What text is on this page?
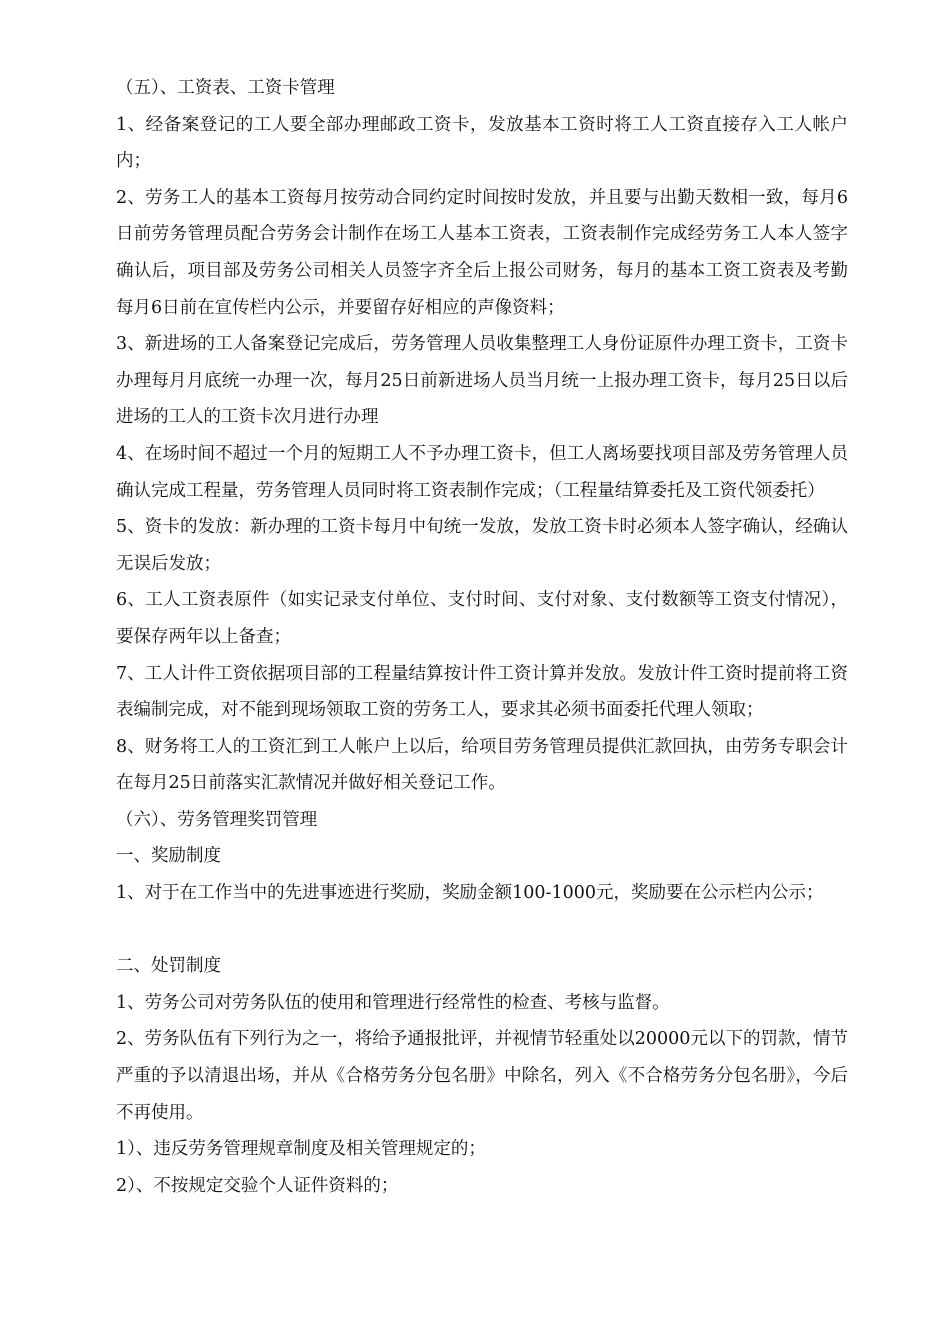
（五）、工资表、工资卡管理

1、经备案登记的工人要全部办理邮政工资卡，发放基本工资时将工人工资直接存入工人帐户内；

2、劳务工人的基本工资每月按劳动合同约定时间按时发放，并且要与出勤天数相一致，每月6日前劳务管理员配合劳务会计制作在场工人基本工资表，工资表制作完成经劳务工人本人签字确认后，项目部及劳务公司相关人员签字齐全后上报公司财务，每月的基本工资工资表及考勤每月6日前在宣传栏内公示，并要留存好相应的声像资料；

3、新进场的工人备案登记完成后，劳务管理人员收集整理工人身份证原件办理工资卡，工资卡办理每月月底统一办理一次，每月25日前新进场人员当月统一上报办理工资卡，每月25日以后进场的工人的工资卡次月进行办理

4、在场时间不超过一个月的短期工人不予办理工资卡，但工人离场要找项目部及劳务管理人员确认完成工程量，劳务管理人员同时将工资表制作完成；（工程量结算委托及工资代领委托）

5、资卡的发放：新办理的工资卡每月中旬统一发放，发放工资卡时必须本人签字确认，经确认无误后发放；

6、工人工资表原件（如实记录支付单位、支付时间、支付对象、支付数额等工资支付情况），要保存两年以上备查；

7、工人计件工资依据项目部的工程量结算按计件工资计算并发放。发放计件工资时提前将工资表编制完成，对不能到现场领取工资的劳务工人，要求其必须书面委托代理人领取；

8、财务将工人的工资汇到工人帐户上以后，给项目劳务管理员提供汇款回执，由劳务专职会计在每月25日前落实汇款情况并做好相关登记工作。

（六）、劳务管理奖罚管理

一、奖励制度

1、对于在工作当中的先进事迹进行奖励，奖励金额100-1000元，奖励要在公示栏内公示；

二、处罚制度

1、劳务公司对劳务队伍的使用和管理进行经常性的检查、考核与监督。

2、劳务队伍有下列行为之一，将给予通报批评，并视情节轻重处以20000元以下的罚款，情节严重的予以清退出场，并从《合格劳务分包名册》中除名，列入《不合格劳务分包名册》，今后不再使用。

1）、违反劳务管理规章制度及相关管理规定的；

2）、不按规定交验个人证件资料的；
